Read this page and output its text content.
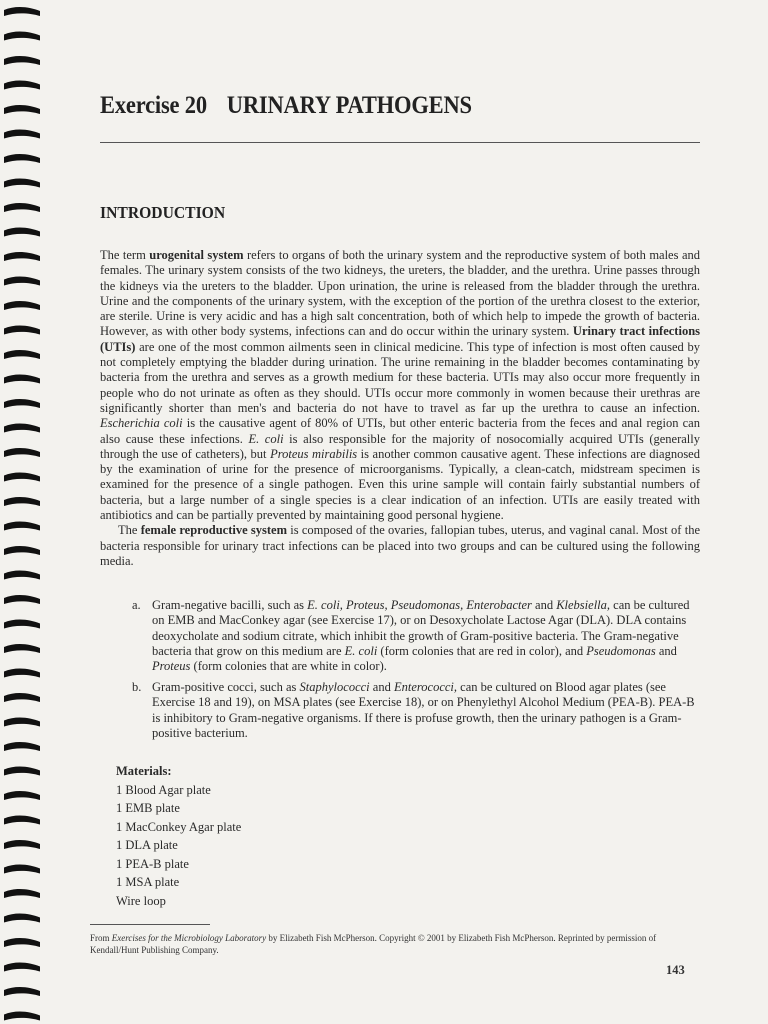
Exercise 20 URINARY PATHOGENS
INTRODUCTION

The term urogenital system refers to organs of both the urinary system and the reproductive system of both males and females. The urinary system consists of the two kidneys, the ureters, the bladder, and the urethra. Urine passes through the kidneys via the ureters to the bladder. Upon urination, the urine is released from the bladder through the urethra. Urine and the components of the urinary system, with the exception of the portion of the urethra closest to the exterior, are sterile. Urine is very acidic and has a high salt concentration, both of which help to impede the growth of bacteria. However, as with other body systems, infections can and do occur within the urinary system. Urinary tract infections (UTIs) are one of the most common ailments seen in clinical medicine. This type of infection is most often caused by not completely emptying the bladder during urination. The urine remaining in the bladder becomes contaminating by bacteria from the urethra and serves as a growth medium for these bacteria. UTIs may also occur more frequently in people who do not urinate as often as they should. UTIs occur more commonly in women because their urethras are significantly shorter than men's and bacteria do not have to travel as far up the urethra to cause an infection. Escherichia coli is the causative agent of 80% of UTIs, but other enteric bacteria from the feces and anal region can also cause these infections. E. coli is also responsible for the majority of nosocomially acquired UTIs (generally through the use of catheters), but Proteus mirabilis is another common causative agent. These infections are diagnosed by the examination of urine for the presence of microorganisms. Typically, a clean-catch, midstream specimen is examined for the presence of a single pathogen. Even this urine sample will contain fairly substantial numbers of bacteria, but a large number of a single species is a clear indication of an infection. UTIs are easily treated with antibiotics and can be partially prevented by maintaining good personal hygiene.

The female reproductive system is composed of the ovaries, fallopian tubes, uterus, and vaginal canal. Most of the bacteria responsible for urinary tract infections can be placed into two groups and can be cultured using the following media.

a. Gram-negative bacilli, such as E. coli, Proteus, Pseudomonas, Enterobacter and Klebsiella, can be cultured on EMB and MacConkey agar (see Exercise 17), or on Desoxycholate Lactose Agar (DLA). DLA contains deoxycholate and sodium citrate, which inhibit the growth of Gram-positive bacteria. The Gram-negative bacteria that grow on this medium are E. coli (form colonies that are red in color), and Pseudomonas and Proteus (form colonies that are white in color).
b. Gram-positive cocci, such as Staphylococci and Enterococci, can be cultured on Blood agar plates (see Exercise 18 and 19), on MSA plates (see Exercise 18), or on Phenylethyl Alcohol Medium (PEA-B). PEA-B is inhibitory to Gram-negative organisms. If there is profuse growth, then the urinary pathogen is a Gram-positive bacterium.
Materials:
1 Blood Agar plate
1 EMB plate
1 MacConkey Agar plate
1 DLA plate
1 PEA-B plate
1 MSA plate
Wire loop
From Exercises for the Microbiology Laboratory by Elizabeth Fish McPherson. Copyright © 2001 by Elizabeth Fish McPherson. Reprinted by permission of Kendall/Hunt Publishing Company.
143
